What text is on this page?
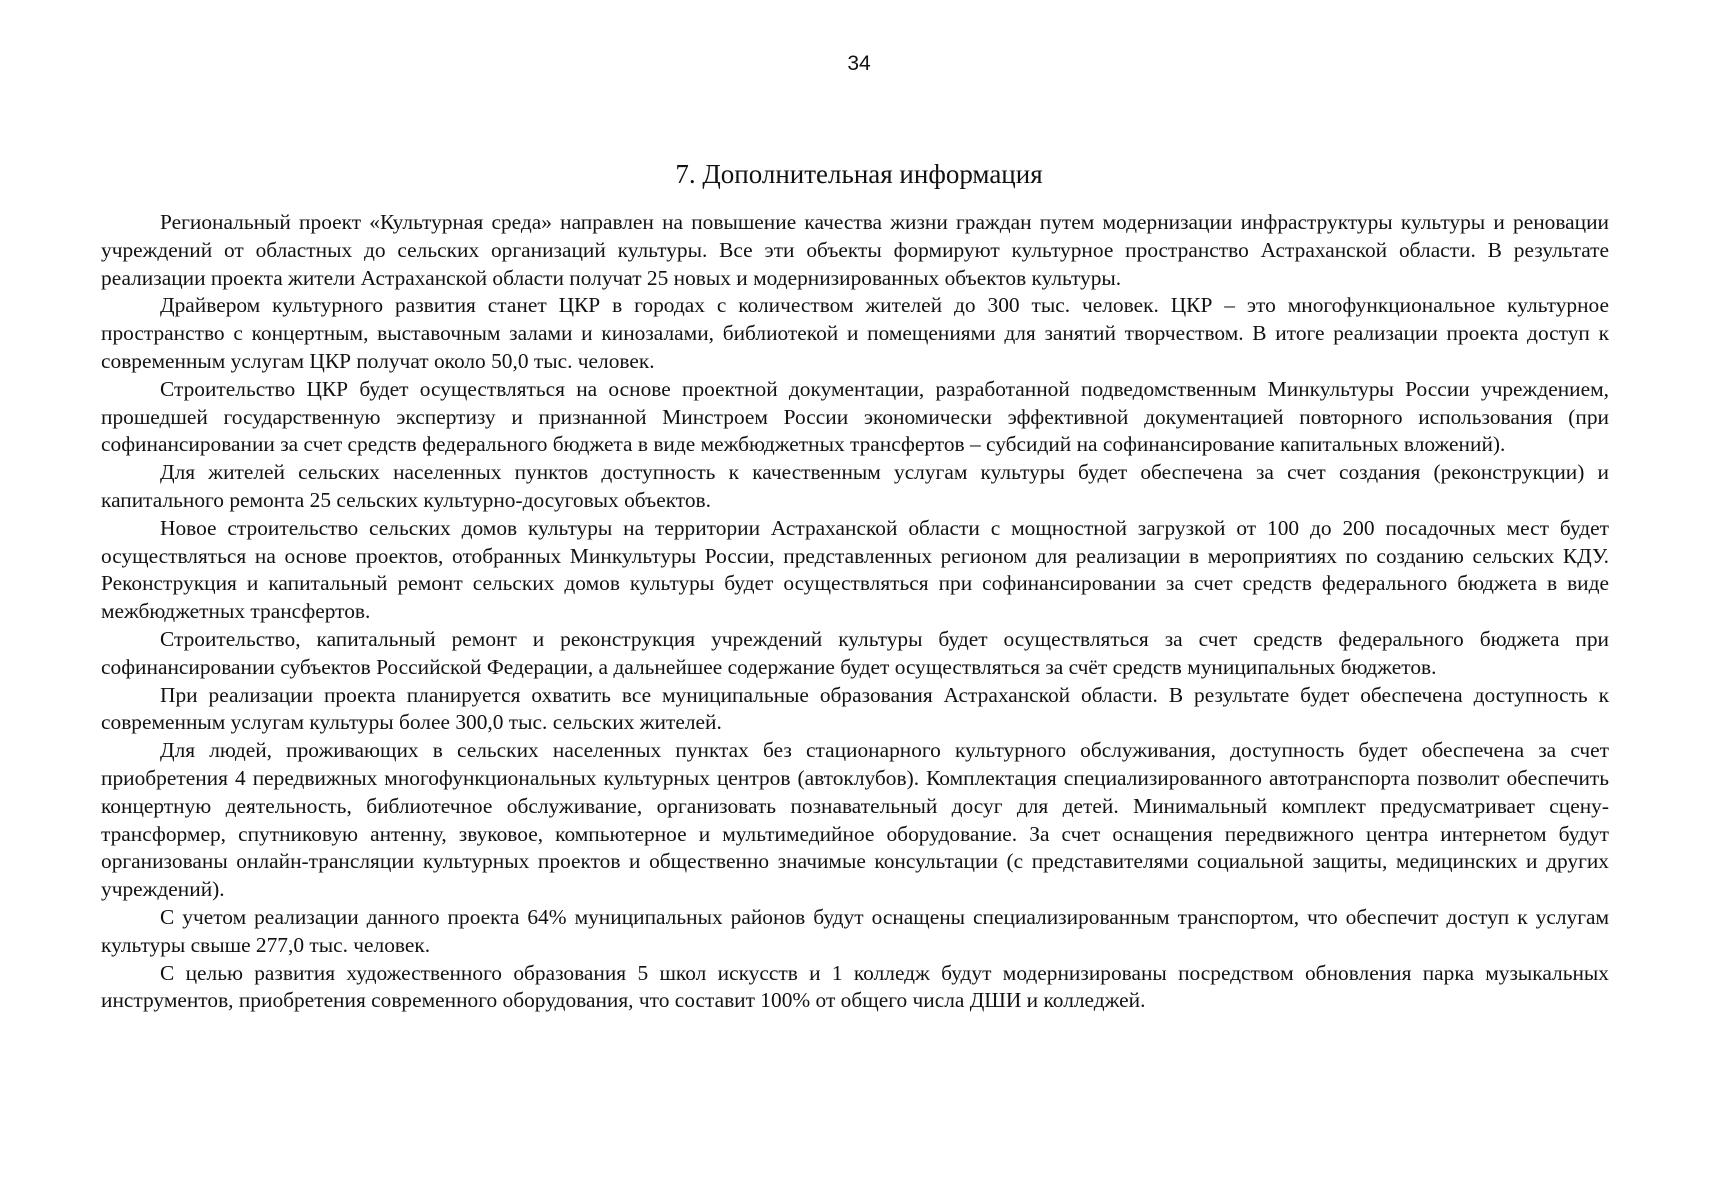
34
7. Дополнительная информация

Региональный проект «Культурная среда» направлен на повышение качества жизни граждан путем модернизации инфраструктуры культуры и реновации учреждений от областных до сельских организаций культуры. Все эти объекты формируют культурное пространство Астраханской области. В результате реализации проекта жители Астраханской области получат 25 новых и модернизированных объектов культуры.

Драйвером культурного развития станет ЦКР в городах с количеством жителей до 300 тыс. человек. ЦКР – это многофункциональное культурное пространство с концертным, выставочным залами и кинозалами, библиотекой и помещениями для занятий творчеством. В итоге реализации проекта доступ к современным услугам ЦКР получат около 50,0 тыс. человек.

Строительство ЦКР будет осуществляться на основе проектной документации, разработанной подведомственным Минкультуры России учреждением, прошедшей государственную экспертизу и признанной Минстроем России экономически эффективной документацией повторного использования (при софинансировании за счет средств федерального бюджета в виде межбюджетных трансфертов – субсидий на софинансирование капитальных вложений).

Для жителей сельских населенных пунктов доступность к качественным услугам культуры будет обеспечена за счет создания (реконструкции) и капитального ремонта 25 сельских культурно-досуговых объектов.

Новое строительство сельских домов культуры на территории Астраханской области с мощностной загрузкой от 100 до 200 посадочных мест будет осуществляться на основе проектов, отобранных Минкультуры России, представленных регионом для реализации в мероприятиях по созданию сельских КДУ. Реконструкция и капитальный ремонт сельских домов культуры будет осуществляться при софинансировании за счет средств федерального бюджета в виде межбюджетных трансфертов.

Строительство, капитальный ремонт и реконструкция учреждений культуры будет осуществляться за счет средств федерального бюджета при софинансировании субъектов Российской Федерации, а дальнейшее содержание будет осуществляться за счёт средств муниципальных бюджетов.

При реализации проекта планируется охватить все муниципальные образования Астраханской области. В результате будет обеспечена доступность к современным услугам культуры более 300,0 тыс. сельских жителей.

Для людей, проживающих в сельских населенных пунктах без стационарного культурного обслуживания, доступность будет обеспечена за счет приобретения 4 передвижных многофункциональных культурных центров (автоклубов). Комплектация специализированного автотранспорта позволит обеспечить концертную деятельность, библиотечное обслуживание, организовать познавательный досуг для детей. Минимальный комплект предусматривает сцену-трансформер, спутниковую антенну, звуковое, компьютерное и мультимедийное оборудование. За счет оснащения передвижного центра интернетом будут организованы онлайн-трансляции культурных проектов и общественно значимые консультации (с представителями социальной защиты, медицинских и других учреждений).

С учетом реализации данного проекта 64% муниципальных районов будут оснащены специализированным транспортом, что обеспечит доступ к услугам культуры свыше 277,0 тыс. человек.

С целью развития художественного образования 5 школ искусств и 1 колледж будут модернизированы посредством обновления парка музыкальных инструментов, приобретения современного оборудования, что составит 100% от общего числа ДШИ и колледжей.
